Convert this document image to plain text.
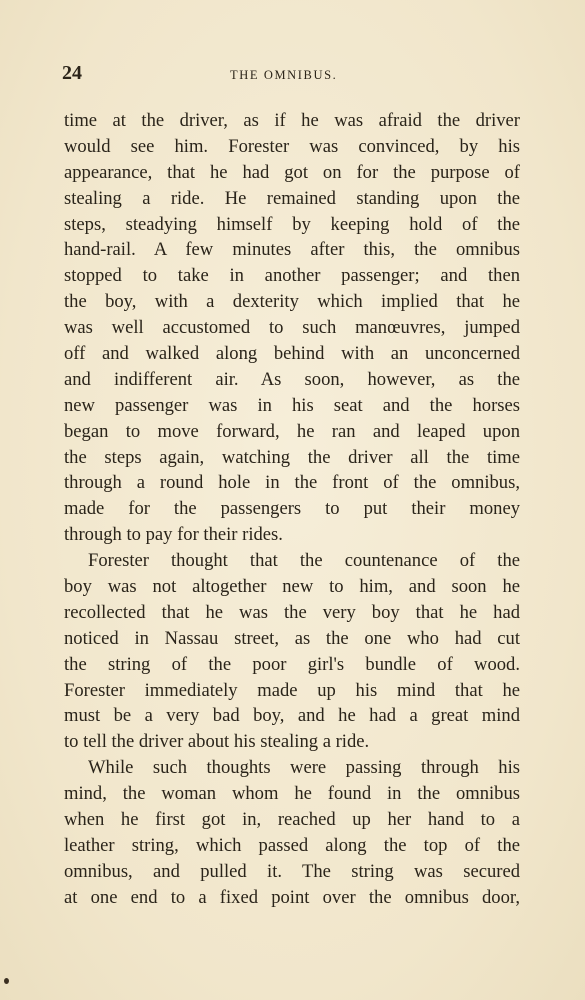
24	THE OMNIBUS.
time at the driver, as if he was afraid the driver
would see him. Forester was convinced, by his
appearance, that he had got on for the purpose of
stealing a ride. He remained standing upon the
steps, steadying himself by keeping hold of the
hand-rail. A few minutes after this, the omnibus
stopped to take in another passenger; and then
the boy, with a dexterity which implied that he
was well accustomed to such manœuvres, jumped
off and walked along behind with an unconcerned
and indifferent air. As soon, however, as the
new passenger was in his seat and the horses
began to move forward, he ran and leaped upon
the steps again, watching the driver all the time
through a round hole in the front of the omnibus,
made for the passengers to put their money
through to pay for their rides.
Forester thought that the countenance of the
boy was not altogether new to him, and soon he
recollected that he was the very boy that he had
noticed in Nassau street, as the one who had cut
the string of the poor girl's bundle of wood.
Forester immediately made up his mind that he
must be a very bad boy, and he had a great mind
to tell the driver about his stealing a ride.
While such thoughts were passing through his
mind, the woman whom he found in the omnibus
when he first got in, reached up her hand to a
leather string, which passed along the top of the
omnibus, and pulled it. The string was secured
at one end to a fixed point over the omnibus door,
